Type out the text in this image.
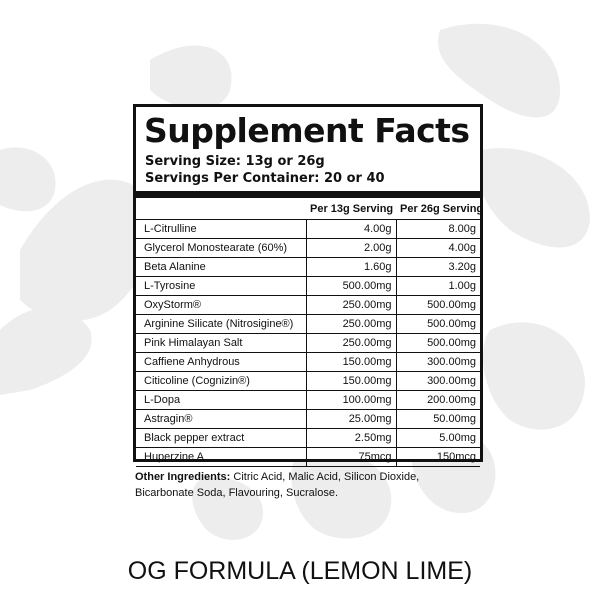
Supplement Facts
Serving Size: 13g or 26g
Servings Per Container: 20 or 40
	Per 13g Serving	Per 26g Serving
L-Citrulline	4.00g	8.00g
Glycerol Monostearate (60%)	2.00g	4.00g
Beta Alanine	1.60g	3.20g
L-Tyrosine	500.00mg	1.00g
OxyStorm®	250.00mg	500.00mg
Arginine Silicate (Nitrosigine®)	250.00mg	500.00mg
Pink Himalayan Salt	250.00mg	500.00mg
Caffiene Anhydrous	150.00mg	300.00mg
Citicoline (Cognizin®)	150.00mg	300.00mg
L-Dopa	100.00mg	200.00mg
Astragin®	25.00mg	50.00mg
Black pepper extract	2.50mg	5.00mg
Huperzine A	75mcg	150mcg
Other Ingredients: Citric Acid, Malic Acid, Silicon Dioxide, Bicarbonate Soda, Flavouring, Sucralose.
OG FORMULA (LEMON LIME)
